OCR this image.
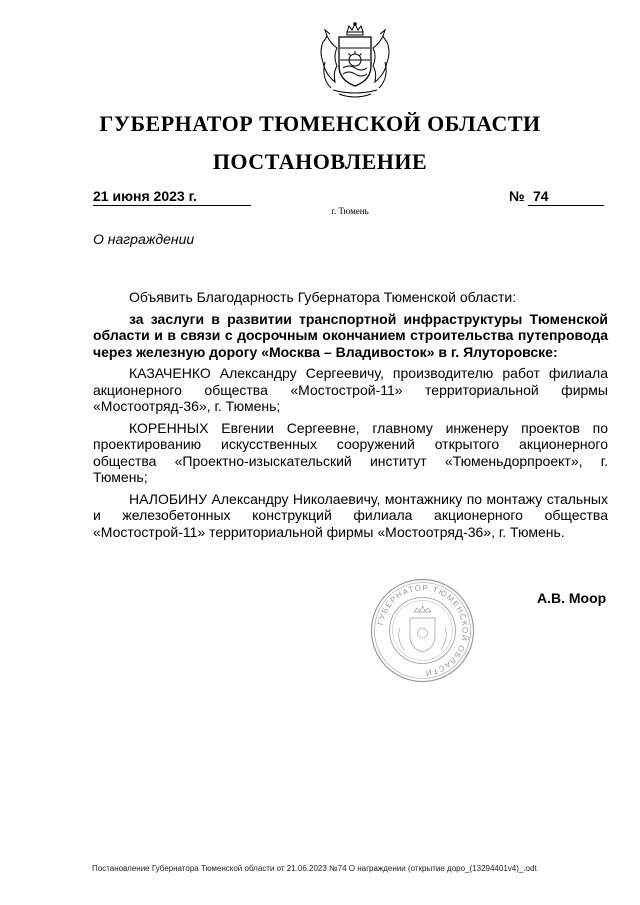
ГУБЕРНАТОР ТЮМЕНСКОЙ ОБЛАСТИ
ПОСТАНОВЛЕНИЕ
21 июня 2023 г.	№ 74
г. Тюмень
О награждении

Объявить Благодарность Губернатора Тюменской области:

за заслуги в развитии транспортной инфраструктуры Тюменской области и в связи с досрочным окончанием строительства путепровода через железную дорогу «Москва – Владивосток» в г. Ялуторовске:

КАЗАЧЕНКО Александру Сергеевичу, производителю работ филиала акционерного общества «Мостострой-11» территориальной фирмы «Мостоотряд-36», г. Тюмень;

КОРЕННЫХ Евгении Сергеевне, главному инженеру проектов по проектированию искусственных сооружений открытого акционерного общества «Проектно-изыскательский институт «Тюменьдорпроект», г. Тюмень;

НАЛОБИНУ Александру Николаевичу, монтажнику по монтажу стальных и железобетонных конструкций филиала акционерного общества «Мостострой-11» территориальной фирмы «Мостоотряд-36», г. Тюмень.

ГУБЕРНАТОР ТЮМЕНСКОЙ ОБЛАСТИ
А.В. Моор
Постановление Губернатора Тюменской области от 21.06.2023 №74 О награждении (открытие доро_(13294401v4)_.odt
